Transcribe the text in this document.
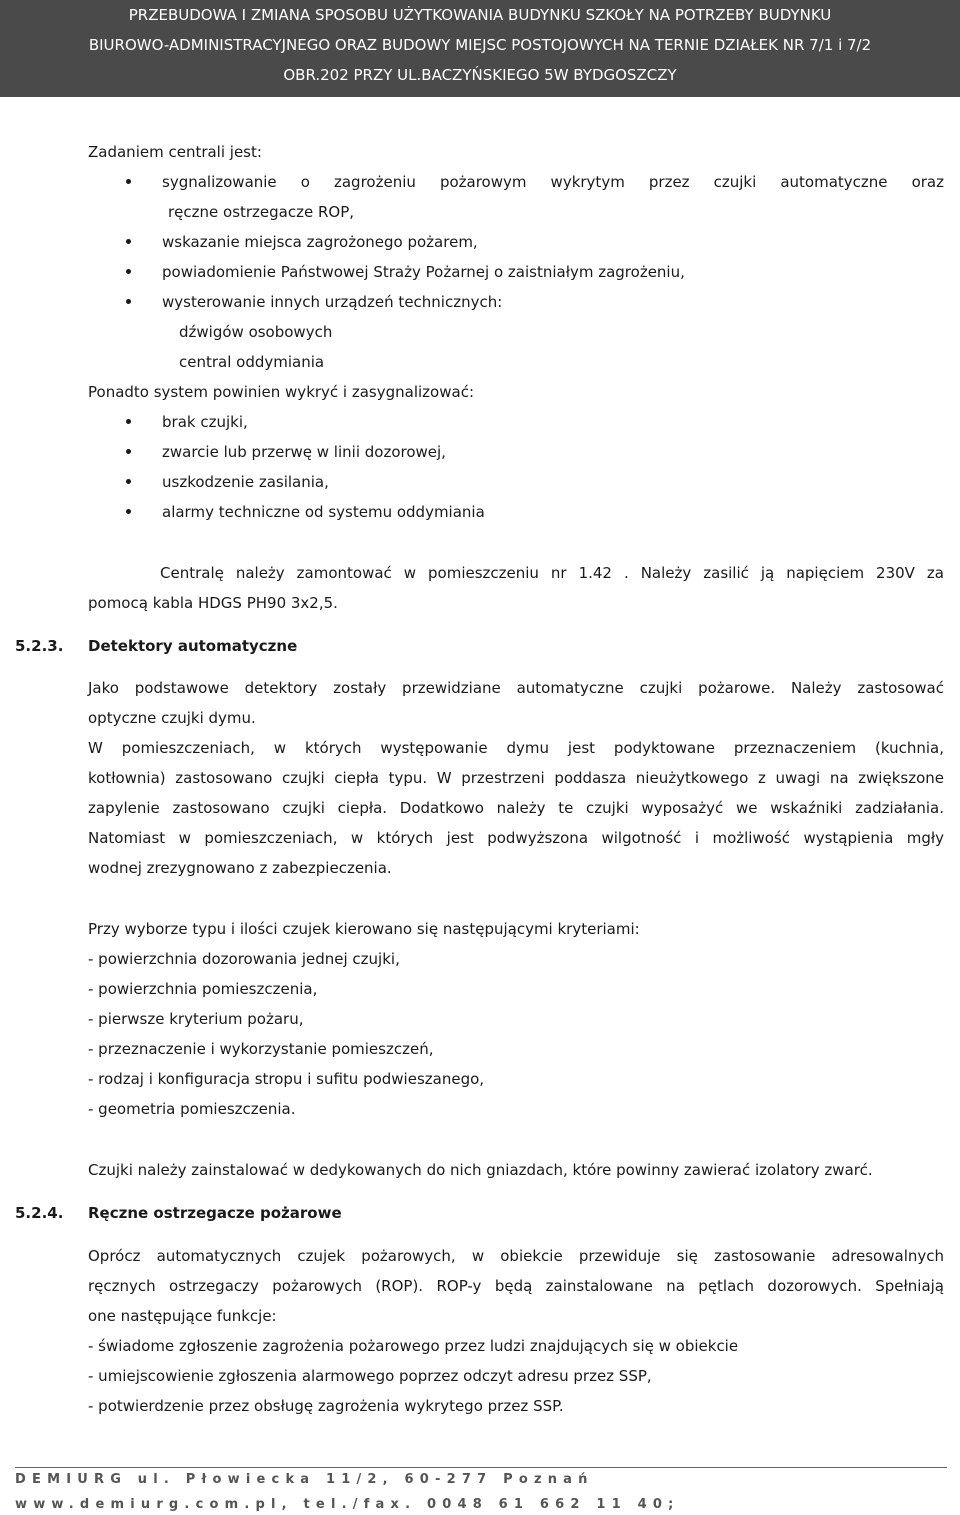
PRZEBUDOWA I ZMIANA SPOSOBU UŻYTKOWANIA BUDYNKU SZKOŁY NA POTRZEBY BUDYNKU
BIUROWO-ADMINISTRACYJNEGO ORAZ BUDOWY MIEJSC POSTOJOWYCH NA TERNIE DZIAŁEK NR 7/1 i 7/2
OBR.202 PRZY UL.BACZYŃSKIEGO 5W BYDGOSZCZY
Zadaniem centrali jest:
sygnalizowanie o zagrożeniu pożarowym wykrytym przez czujki automatyczne oraz
ręczne ostrzegacze ROP,
wskazanie miejsca zagrożonego pożarem,
powiadomienie Państwowej Straży Pożarnej o zaistniałym zagrożeniu,
wysterowanie innych urządzeń technicznych:
dźwigów osobowych
central oddymiania
Ponadto system powinien wykryć i zasygnalizować:
brak czujki,
zwarcie lub przerwę w linii dozorowej,
uszkodzenie zasilania,
alarmy techniczne od systemu oddymiania
Centralę należy zamontować w pomieszczeniu nr 1.42 . Należy zasilić ją napięciem 230V za
pomocą kabla HDGS PH90 3x2,5.
5.2.3. Detektory automatyczne
Jako podstawowe detektory zostały przewidziane automatyczne czujki pożarowe. Należy zastosować
optyczne czujki dymu.
W pomieszczeniach, w których występowanie dymu jest podyktowane przeznaczeniem (kuchnia,
kotłownia) zastosowano czujki ciepła typu. W przestrzeni poddasza nieużytkowego z uwagi na zwiększone
zapylenie zastosowano czujki ciepła. Dodatkowo należy te czujki wyposażyć we wskaźniki zadziałania.
Natomiast w pomieszczeniach, w których jest podwyższona wilgotność i możliwość wystąpienia mgły
wodnej zrezygnowano z zabezpieczenia.
Przy wyborze typu i ilości czujek kierowano się następującymi kryteriami:
- powierzchnia dozorowania jednej czujki,
- powierzchnia pomieszczenia,
- pierwsze kryterium pożaru,
- przeznaczenie i wykorzystanie pomieszczeń,
- rodzaj i konfiguracja stropu i sufitu podwieszanego,
- geometria pomieszczenia.
Czujki należy zainstalować w dedykowanych do nich gniazdach, które powinny zawierać izolatory zwarć.
5.2.4. Ręczne ostrzegacze pożarowe
Oprócz automatycznych czujek pożarowych, w obiekcie przewiduje się zastosowanie adresowalnych
ręcznych ostrzegaczy pożarowych (ROP). ROP-y będą zainstalowane na pętlach dozorowych. Spełniają
one następujące funkcje:
- świadome zgłoszenie zagrożenia pożarowego przez ludzi znajdujących się w obiekcie
- umiejscowienie zgłoszenia alarmowego poprzez odczyt adresu przez SSP,
- potwierdzenie przez obsługę zagrożenia wykrytego przez SSP.
DEMIURG ul. Płowiecka 11/2, 60-277 Poznań
www.demiurg.com.pl, tel./fax. 0048 61 662 11 40;
